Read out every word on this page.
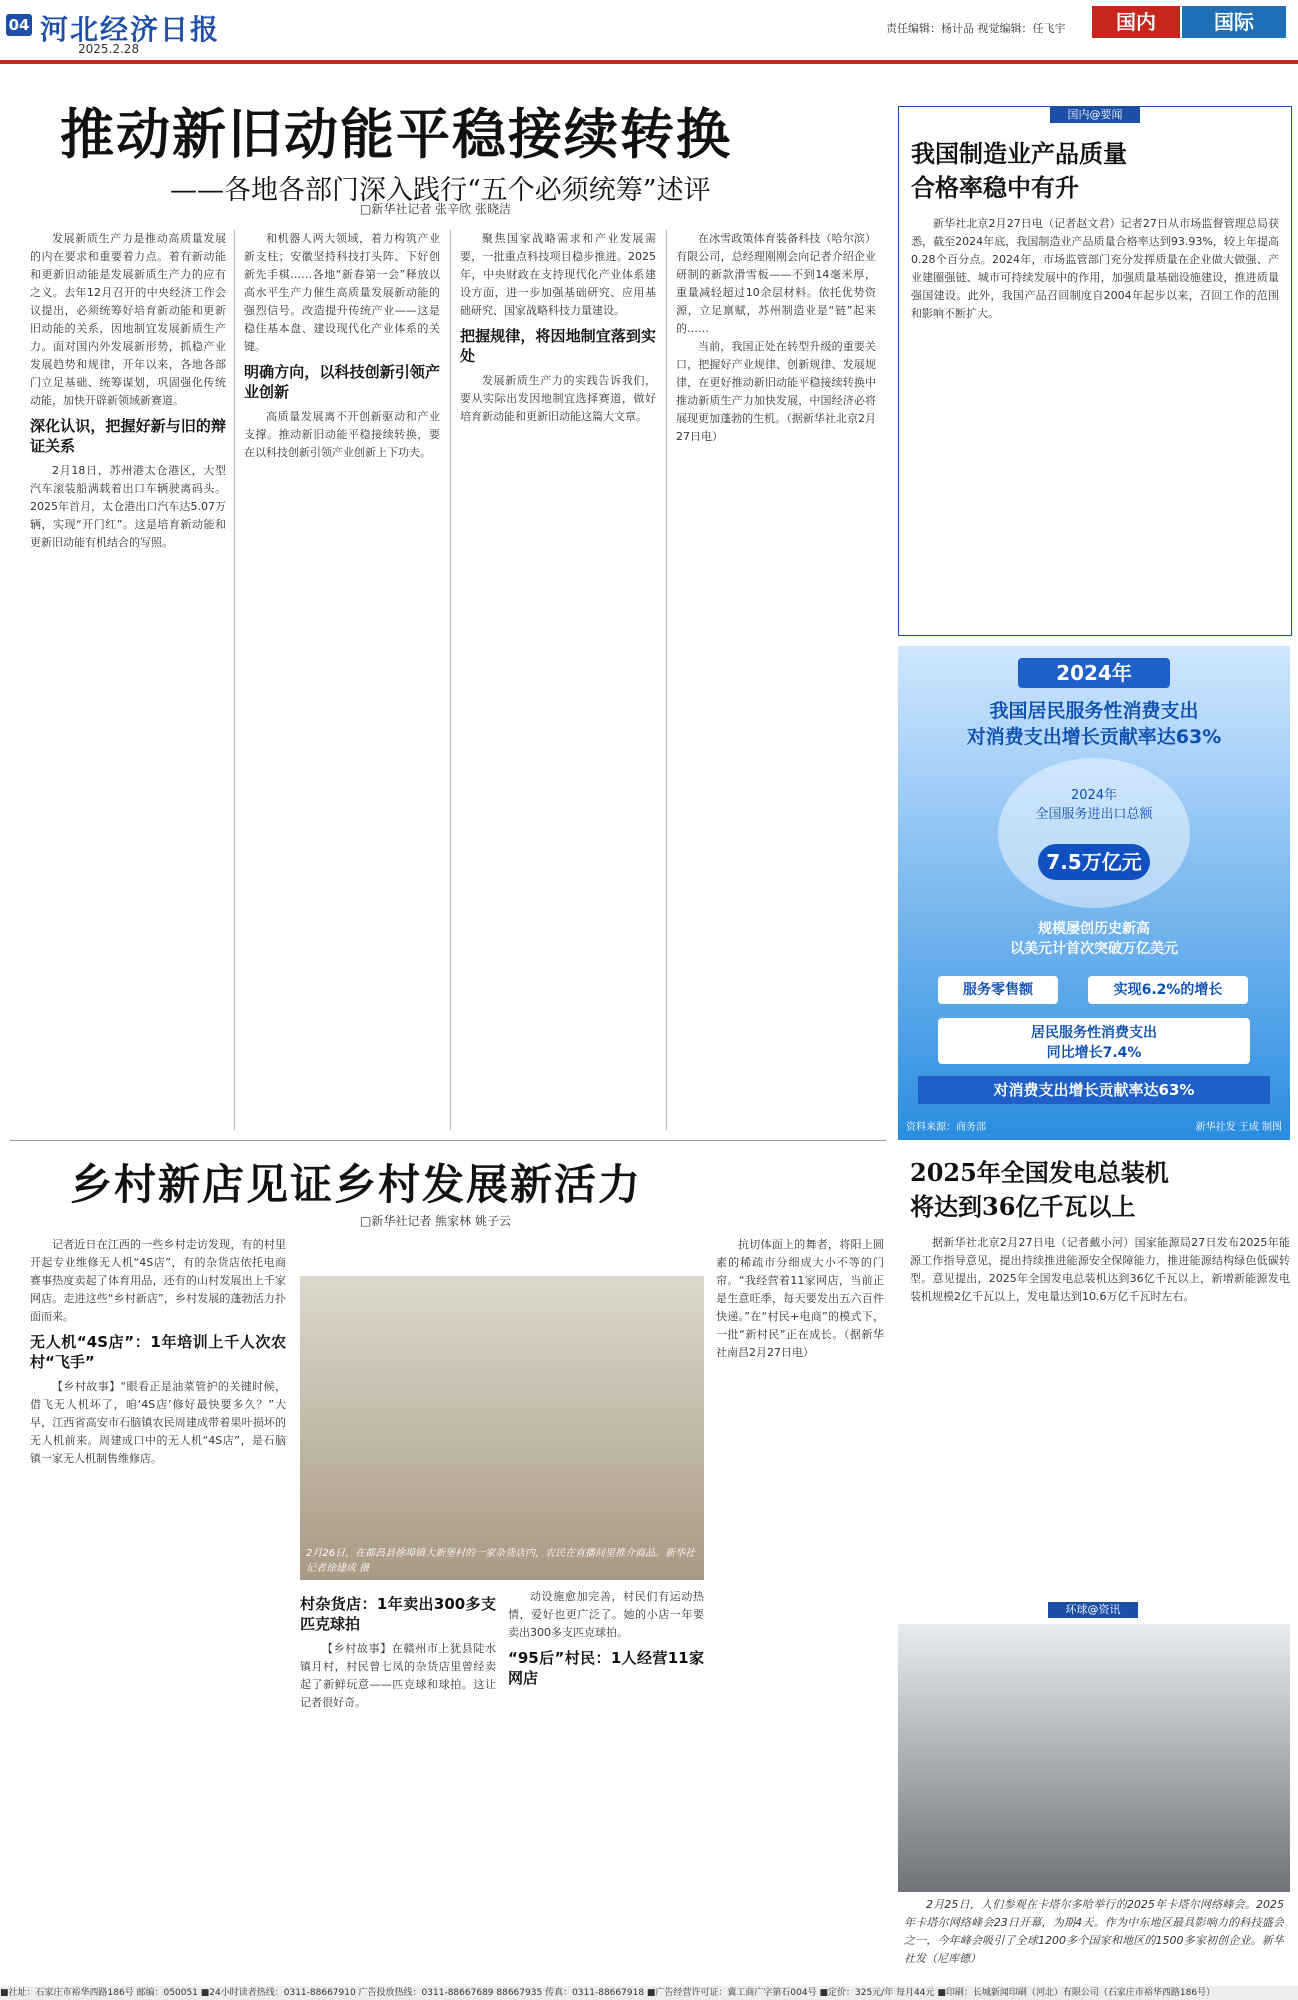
04 河北经济日报
2025.2.28
责任编辑：杨计品 视觉编辑：任飞宇	国内	国际
推动新旧动能平稳接续转换
——各地各部门深入践行“五个必须统筹”述评
□新华社记者 张辛欣 张晓洁

发展新质生产力是推动高质量发展的内在要求和重要着力点。着有新动能和更新旧动能是发展新质生产力的应有之义。去年12月召开的中央经济工作会议提出，必须统筹好培育新动能和更新旧动能的关系，因地制宜发展新质生产力。面对国内外发展新形势，抓稳产业发展趋势和规律，开年以来，各地各部门立足基础、统筹谋划，巩固强化传统动能，加快开辟新领域新赛道。

深化认识，把握好新与旧的辩证关系

2月18日，苏州港太仓港区，大型汽车滚装船满载着出口车辆驶离码头。2025年首月，太仓港出口汽车达5.07万辆，实现“开门红”。这是培育新动能和更新旧动能有机结合的写照。

和机器人两大领域，着力构筑产业新支柱；安徽坚持科技打头阵、下好创新先手棋……各地“新春第一会”释放以高水平生产力催生高质量发展新动能的强烈信号。改造提升传统产业——这是稳住基本盘、建设现代化产业体系的关键。

明确方向，以科技创新引领产业创新

高质量发展离不开创新驱动和产业支撑。推动新旧动能平稳接续转换，要在以科技创新引领产业创新上下功夫。

聚焦国家战略需求和产业发展需要，一批重点科技项目稳步推进。2025年，中央财政在支持现代化产业体系建设方面，进一步加强基础研究、应用基础研究、国家战略科技力量建设。

把握规律，将因地制宜落到实处

发展新质生产力的实践告诉我们，要从实际出发因地制宜选择赛道，做好培育新动能和更新旧动能这篇大文章。

在冰雪政策体育装备科技（哈尔滨）有限公司，总经理刚刚会向记者介绍企业研制的新款滑雪板——不到14毫米厚，重量减轻超过10余层材料。依托优势资源，立足禀赋，苏州制造业是“链”起来的……

当前，我国正处在转型升级的重要关口，把握好产业规律、创新规律、发展规律，在更好推动新旧动能平稳接续转换中推动新质生产力加快发展，中国经济必将展现更加蓬勃的生机。（据新华社北京2月27日电）

国内@要闻
我国制造业产品质量
合格率稳中有升

新华社北京2月27日电（记者赵文君）记者27日从市场监督管理总局获悉，截至2024年底，我国制造业产品质量合格率达到93.93%，较上年提高0.28个百分点。2024年，市场监管部门充分发挥质量在企业做大做强、产业建圈强链、城市可持续发展中的作用，加强质量基础设施建设，推进质量强国建设。此外，我国产品召回制度自2004年起步以来，召回工作的范围和影响不断扩大。

2024年
我国居民服务性消费支出
对消费支出增长贡献率达63%
2024年
全国服务进出口总额
7.5万亿元
规模屡创历史新高
以美元计首次突破万亿美元
服务零售额	实现6.2%的增长
居民服务性消费支出
同比增长7.4%
对消费支出增长贡献率达63%
资料来源：商务部	新华社发 王成 制图
2025年全国发电总装机
将达到36亿千瓦以上

据新华社北京2月27日电（记者戴小河）国家能源局27日发布2025年能源工作指导意见，提出持续推进能源安全保障能力，推进能源结构绿色低碳转型。意见提出，2025年全国发电总装机达到36亿千瓦以上，新增新能源发电装机规模2亿千瓦以上，发电量达到10.6万亿千瓦时左右。

环球@资讯

2月25日，人们参观在卡塔尔多哈举行的2025年卡塔尔网络峰会。2025年卡塔尔网络峰会23日开幕，为期4天。作为中东地区最具影响力的科技盛会之一，今年峰会吸引了全球1200多个国家和地区的1500多家初创企业。新华社发（尼库德）

乡村新店见证乡村发展新活力
□新华社记者 熊家林 姚子云

记者近日在江西的一些乡村走访发现，有的村里开起专业维修无人机“4S店”，有的杂货店依托电商赛事热度卖起了体育用品，还有的山村发展出上千家网店。走进这些“乡村新店”，乡村发展的蓬勃活力扑面而来。

无人机“4S店”：1年培训上千人次农村“飞手”

【乡村故事】“眼看正是油菜管护的关键时候，借飞无人机坏了，咱‘4S店’修好最快要多久？”大早，江西省高安市石脑镇农民周建成带着果叶损坏的无人机前来。周建成口中的无人机“4S店”，是石脑镇一家无人机制售维修店。

2月26日，在都昌县徐埠镇大新堡村的一家杂货店内，农民在直播间里推介商品。新华社记者徐建成 摄
村杂货店：1年卖出300多支匹克球拍

【乡村故事】在赣州市上犹县陡水镇月村，村民曾七凤的杂货店里曾经卖起了新鲜玩意——匹克球和球拍。这让记者很好奇。

动设施愈加完善，村民们有运动热情，爱好也更广泛了。她的小店一年要卖出300多支匹克球拍。

“95后”村民：1人经营11家网店

抗切体面上的舞者，将阳上圆素的稀疏市分细成大小不等的门帘。“我经营着11家网店，当前正是生意旺季，每天要发出五六百件快递。”在“村民+电商”的模式下，一批“新村民”正在成长。（据新华社南昌2月27日电）

■社址：石家庄市裕华西路186号 邮编：050051 ■24小时读者热线：0311-88667910 广告投放热线：0311-88667689 88667935 传真：0311-88667918 ■广告经营许可证：冀工商广字第石004号 ■定价：325元/年 每月44元 ■印刷：长城新闻印刷（河北）有限公司（石家庄市裕华西路186号）
